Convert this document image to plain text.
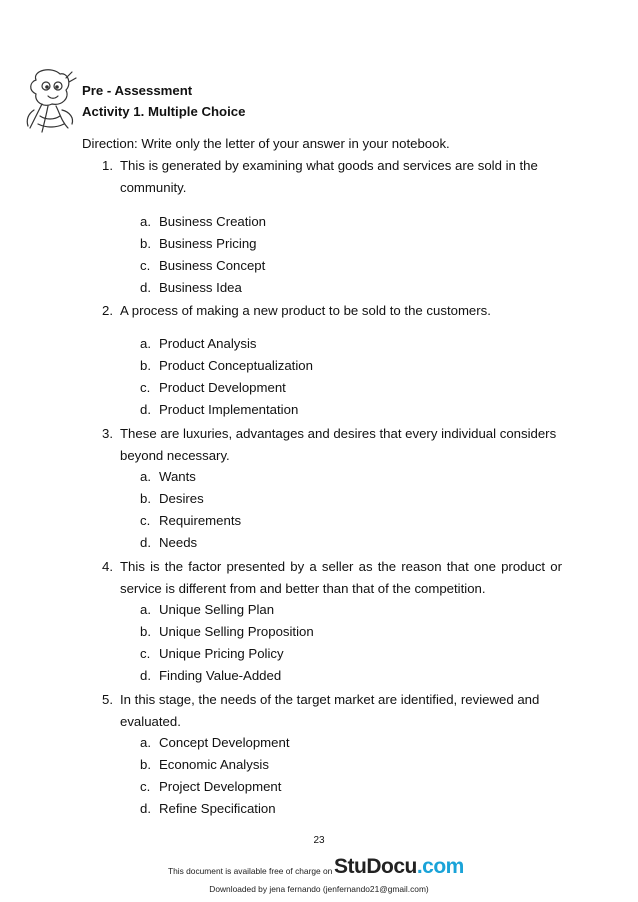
Pre - Assessment
Activity 1. Multiple Choice
Direction: Write only the letter of your answer in your notebook.
1. This is generated by examining what goods and services are sold in the community.
a. Business Creation
b. Business Pricing
c. Business Concept
d. Business Idea
2. A process of making a new product to be sold to the customers.
a. Product Analysis
b. Product Conceptualization
c. Product Development
d. Product Implementation
3. These are luxuries, advantages and desires that every individual considers beyond necessary.
a. Wants
b. Desires
c. Requirements
d. Needs
4. This is the factor presented by a seller as the reason that one product or service is different from and better than that of the competition.
a. Unique Selling Plan
b. Unique Selling Proposition
c. Unique Pricing Policy
d. Finding Value-Added
5. In this stage, the needs of the target market are identified, reviewed and evaluated.
a. Concept Development
b. Economic Analysis
c. Project Development
d. Refine Specification
23
This document is available free of charge on StuDocu.com
Downloaded by jena fernando (jenfernando21@gmail.com)
